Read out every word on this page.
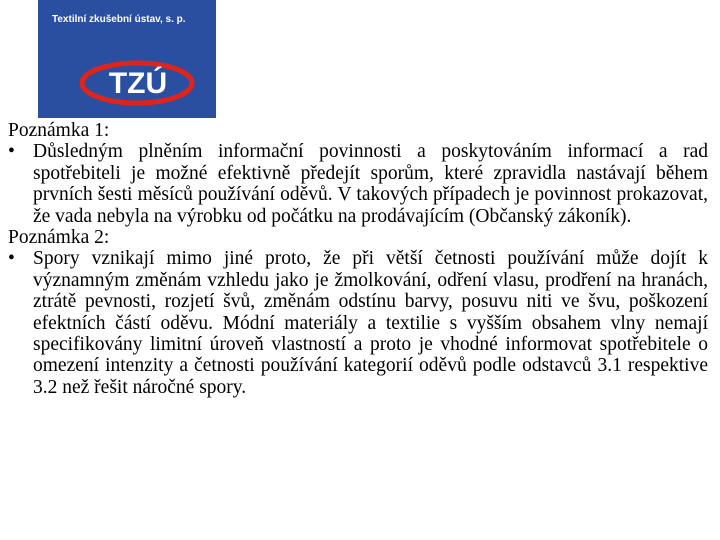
Textilní zkušební ústav, s. p.
TZÚ

Poznámka 1:

• Důsledným plněním informační povinnosti a poskytováním informací a rad spotřebiteli je možné efektivně předejít sporům, které zpravidla nastávají během prvních šesti měsíců používání oděvů. V takových případech je povinnost prokazovat, že vada nebyla na výrobku od počátku na prodávajícím (Občanský zákoník).

Poznámka 2:

• Spory vznikají mimo jiné proto, že při větší četnosti používání může dojít k významným změnám vzhledu jako je žmolkování, odření vlasu, prodření na hranách, ztrátě pevnosti, rozjetí švů, změnám odstínu barvy, posuvu niti ve švu, poškození efektních částí oděvu. Módní materiály a textilie s vyšším obsahem vlny nemají specifikovány limitní úroveň vlastností a proto je vhodné informovat spotřebitele o omezení intenzity a četnosti používání kategorií oděvů podle odstavců 3.1 respektive 3.2 než řešit náročné spory.
